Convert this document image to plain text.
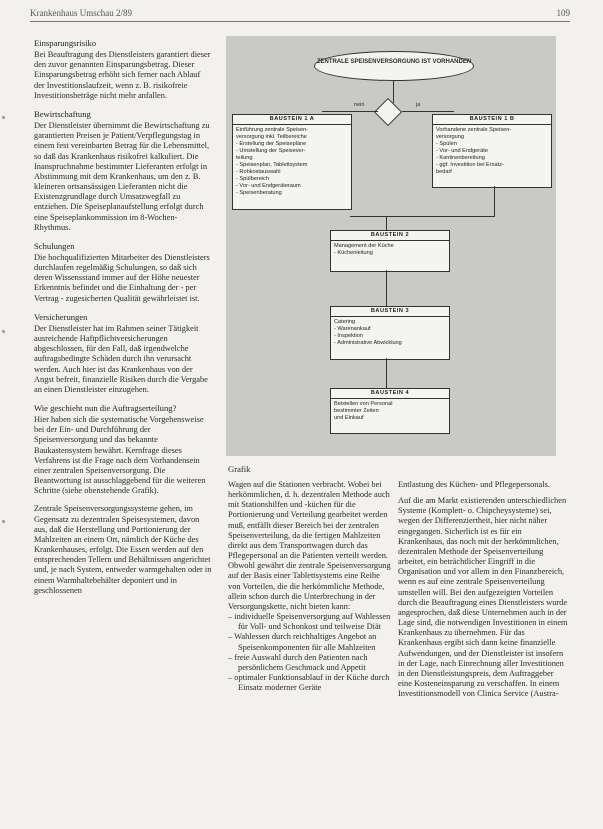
Krankenhaus Umschau 2/89	109
Einsparungsrisiko

Bei Beauftragung des Dienstleisters garantiert dieser den zuvor genannten Einsparungsbetrag. Dieser Einsparungsbetrag erhöht sich ferner nach Ablauf der Investitionslaufzeit, wenn z. B. risikofreie Investitionsbeträge nicht mehr anfallen.

Bewirtschaftung

Der Dienstleister übernimmt die Bewirtschaftung zu garantierten Preisen je Patient/Verpflegungstag in einem fest vereinbarten Betrag für die Lebensmittel, so daß das Krankenhaus risikofrei kalkuliert. Die Inanspruchnahme bestimmter Lieferanten erfolgt in Abstimmung mit dem Krankenhaus, um den z. B. kleineren ortsansässigen Lieferanten nicht die Existenzgrundlage durch Umsatzwegfall zu entziehen. Die Speiseplanaufstellung erfolgt durch eine Speiseplankommission im 8-Wochen-Rhythmus.

Schulungen

Die hochqualifizierten Mitarbeiter des Dienstleisters durchlaufen regelmäßig Schulungen, so daß sich deren Wissensstand immer auf der Höhe neuester Erkenntnis befindet und die Einhaltung der - per Vertrag - zugesicherten Qualität gewährleistet ist.

Versicherungen

Der Dienstleister hat im Rahmen seiner Tätigkeit ausreichende Haftpflichtversicherungen abgeschlossen, für den Fall, daß irgendwelche auftragsbedingte Schäden durch ihn verursacht werden. Auch hier ist das Krankenhaus von der Angst befreit, finanzielle Risiken durch die Vergabe an einen Dienstleister einzugehen.

Wie geschieht nun die Auftragserteilung?

Hier haben sich die systematische Vorgehensweise bei der Ein- und Durchführung der Speisenversorgung und das bekannte Baukastensystem bewährt. Kernfrage dieses Verfahrens ist die Frage nach dem Vorhandensein einer zentralen Speisenversorgung. Die Beantwortung ist ausschlaggebend für die weiteren Schritte (siehe obenstehende Grafik).

Zentrale Speisenversorgungssysteme gehen, im Gegensatz zu dezentralen Speisesystemen, davon aus, daß die Herstellung und Portionierung der Mahlzeiten an einem Ort, nämlich der Küche des Krankenhauses, erfolgt. Die Essen werden auf den entsprechenden Tellern und Behältnissen angerichtet und, je nach System, entweder warmgehalten oder in einem Warmhaltebehälter deponiert und in geschlossenen

ZENTRALE SPEISENVERSORGUNG IST VORHANDEN
nein	ja
BAUSTEIN 1 A
Einführung zentrale Speisen-
versorgung inkl. Teilbereiche
- Erstellung der Speisepläne
- Umstellung der Speisever-
teilung
- Speisenplan, Tablettsystem
- Rohkostauswahl
- Spülbereich
- Vor- und Endgeräteraum
- Speisenberatung
BAUSTEIN 1 B
Vorhandene zentrale Speisen-
versorgung
- Spülen
- Vor- und Endgeräte
- Kantinenbereitung
- ggf. Investition bei Ersatz-
bedarf
BAUSTEIN 2
Management der Küche
- Küchenleitung
BAUSTEIN 3
Catering
- Warenankauf
- Inspektion
- Administrative Abwicklung
BAUSTEIN 4
Beistellen von Personal
bestimmter Zeiten
und Einkauf
Grafik

Wagen auf die Stationen verbracht. Wobei bei herkömmlichen, d. h. dezentralen Methode auch mit Stationshilfen und -küchen für die Portionierung und Verteilung gearbeitet werden muß, entfällt dieser Bereich bei der zentralen Speisenverteilung, da die fertigen Mahlzeiten direkt aus dem Transportwagen durch das Pflegepersonal an die Patienten verteilt werden. Obwohl gewährt die zentrale Speisenversorgung auf der Basis einer Tablettsystems eine Reihe von Vorteilen, die die herkömmliche Methode, allein schon durch die Unterbrechung in der Versorgungskette, nicht bieten kann:

– individuelle Speisenversorgung auf Wahlessen für Voll- und Schonkost und teilweise Diät
– Wahlessen durch reichhaltiges Angebot an Speisenkomponenten für alle Mahlzeiten
– freie Auswahl durch den Patienten nach persönlichem Geschmack und Appetit
– optimaler Funktionsablauf in der Küche durch Einsatz moderner Geräte

Entlastung des Küchen- und Pflegepersonals.

Auf die am Markt existierenden unterschiedlichen Systeme (Komplett- o. Chipcheysysteme) sei, wegen der Differenziertheit, hier nicht näher eingegangen. Sicherlich ist es für ein Krankenhaus, das noch mit der herkömmlichen, dezentralen Methode der Speisenverteilung arbeitet, ein beträchtlicher Eingriff in die Organisation und vor allem in den Finanzbereich, wenn es auf eine zentrale Speisenverteilung umstellen will. Bei den aufgezeigten Vorteilen durch die Beauftragung eines Dienstleisters wurde angesprochen, daß diese Unternehmen auch in der Lage sind, die notwendigen Investitionen in einem Krankenhaus zu übernehmen. Für das Krankenhaus ergibt sich dann keine finanzielle Aufwendungen, und der Dienstleister ist insofern in der Lage, nach Einrechnung aller Investitionen in den Dienstleistungspreis, dem Auftraggeber eine Kosteneinsparung zu verschaffen. In einem Investitionsmodell von Clinica Service (Austra-
